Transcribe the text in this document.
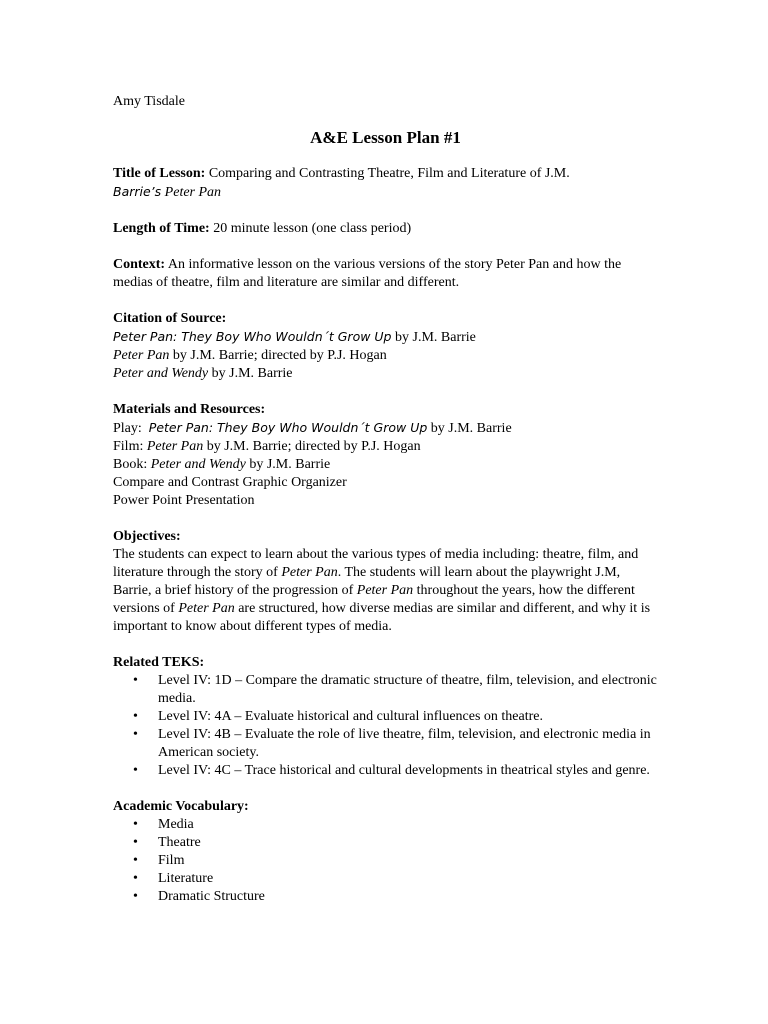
Amy Tisdale

A&E Lesson Plan #1

Title of Lesson: Comparing and Contrasting Theatre, Film and Literature of J.M.

Barrie’s Peter Pan

Length of Time: 20 minute lesson (one class period)

Context: An informative lesson on the various versions of the story Peter Pan and how the medias of theatre, film and literature are similar and different.

Citation of Source:

Peter Pan: They Boy Who Wouldn´t Grow Up by J.M. Barrie

Peter Pan by J.M. Barrie; directed by P.J. Hogan

Peter and Wendy by J.M. Barrie

Materials and Resources:

Play:  Peter Pan: They Boy Who Wouldn´t Grow Up by J.M. Barrie

Film: Peter Pan by J.M. Barrie; directed by P.J. Hogan

Book: Peter and Wendy by J.M. Barrie

Compare and Contrast Graphic Organizer

Power Point Presentation

Objectives:

The students can expect to learn about the various types of media including: theatre, film, and literature through the story of Peter Pan. The students will learn about the playwright J.M, Barrie, a brief history of the progression of Peter Pan throughout the years, how the different versions of Peter Pan are structured, how diverse medias are similar and different, and why it is important to know about different types of media.

Related TEKS:

• Level IV: 1D – Compare the dramatic structure of theatre, film, television, and electronic media.
• Level IV: 4A – Evaluate historical and cultural influences on theatre.
• Level IV: 4B – Evaluate the role of live theatre, film, television, and electronic media in American society.
• Level IV: 4C – Trace historical and cultural developments in theatrical styles and genre.

Academic Vocabulary:

• Media
• Theatre
• Film
• Literature
• Dramatic Structure
